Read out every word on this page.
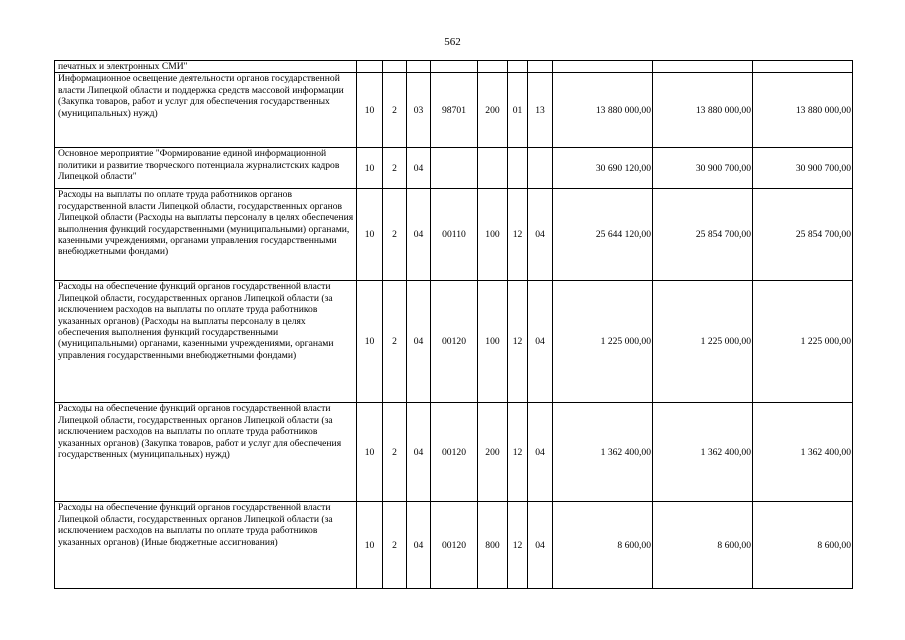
562
печатных и электронных СМИ"										
Информационное освещение деятельности органов государственной власти Липецкой области и поддержка средств массовой информации (Закупка товаров, работ и услуг для обеспечения государственных (муниципальных) нужд)	10	2	03	98701	200	01	13	13 880 000,00	13 880 000,00	13 880 000,00
Основное мероприятие "Формирование единой информационной политики и развитие творческого потенциала журналистских кадров Липецкой области"	10	2	04					30 690 120,00	30 900 700,00	30 900 700,00
Расходы на выплаты по оплате труда работников органов государственной власти Липецкой области, государственных органов Липецкой области (Расходы на выплаты персоналу в целях обеспечения выполнения функций государственными (муниципальными) органами, казенными учреждениями, органами управления государственными внебюджетными фондами)	10	2	04	00110	100	12	04	25 644 120,00	25 854 700,00	25 854 700,00
Расходы на обеспечение функций органов государственной власти Липецкой области, государственных органов Липецкой области (за исключением расходов на выплаты по оплате труда работников указанных органов) (Расходы на выплаты персоналу в целях обеспечения выполнения функций государственными (муниципальными) органами, казенными учреждениями, органами управления государственными внебюджетными фондами)	10	2	04	00120	100	12	04	1 225 000,00	1 225 000,00	1 225 000,00
Расходы на обеспечение функций органов государственной власти Липецкой области, государственных органов Липецкой области (за исключением расходов на выплаты по оплате труда работников указанных органов) (Закупка товаров, работ и услуг для обеспечения государственных (муниципальных) нужд)	10	2	04	00120	200	12	04	1 362 400,00	1 362 400,00	1 362 400,00
Расходы на обеспечение функций органов государственной власти Липецкой области, государственных органов Липецкой области (за исключением расходов на выплаты по оплате труда работников указанных органов) (Иные бюджетные ассигнования)	10	2	04	00120	800	12	04	8 600,00	8 600,00	8 600,00
